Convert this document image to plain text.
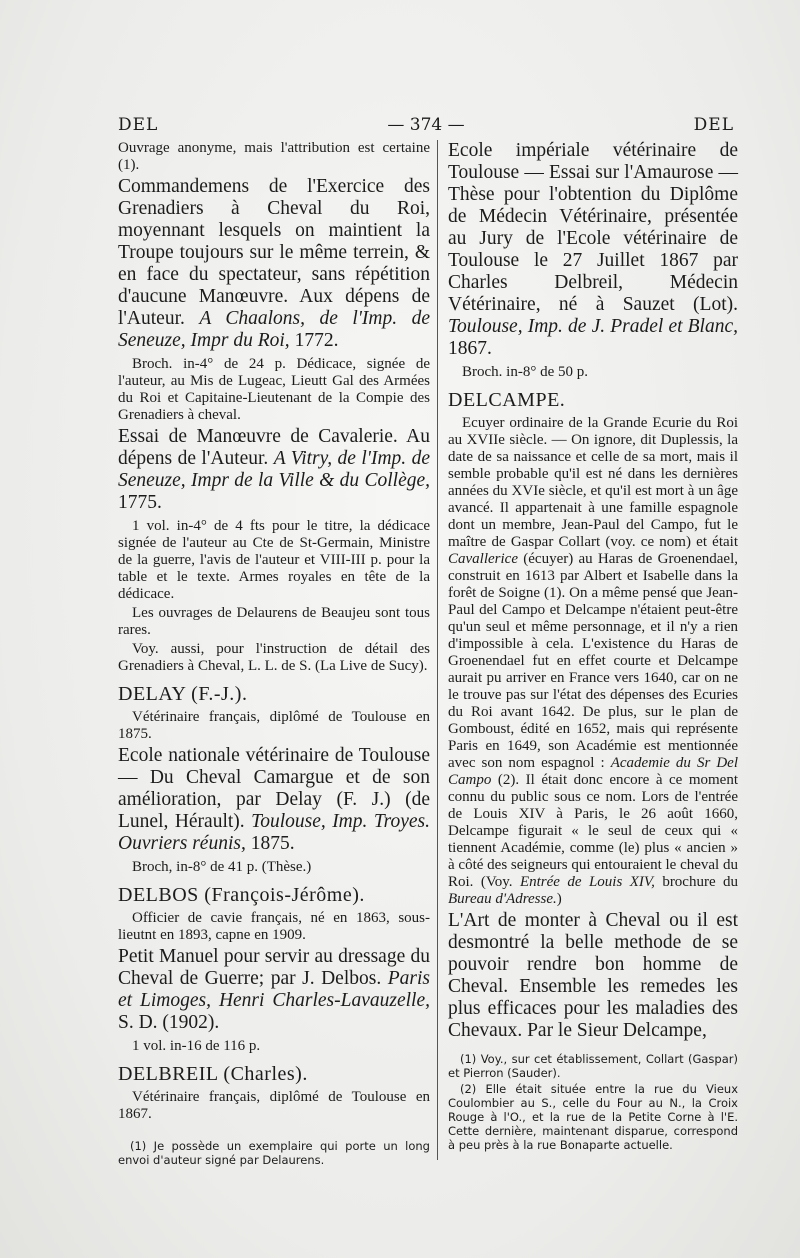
DEL	— 374 —	DEL

Ouvrage anonyme, mais l'attribution est certaine (1).

Commandemens de l'Exercice des Grenadiers à Cheval du Roi, moyennant lesquels on maintient la Troupe toujours sur le même terrein, & en face du spectateur, sans répétition d'aucune Manœuvre. Aux dépens de l'Auteur. A Chaalons, de l'Imp. de Seneuze, Impr du Roi, 1772.

Broch. in-4° de 24 p. Dédicace, signée de l'auteur, au Mis de Lugeac, Lieutt Gal des Armées du Roi et Capitaine-Lieutenant de la Compie des Grenadiers à cheval.

Essai de Manœuvre de Cavalerie. Au dépens de l'Auteur. A Vitry, de l'Imp. de Seneuze, Impr de la Ville & du Collège, 1775.

1 vol. in-4° de 4 fts pour le titre, la dédicace signée de l'auteur au Cte de St-Germain, Ministre de la guerre, l'avis de l'auteur et VIII-III p. pour la table et le texte. Armes royales en tête de la dédicace.

Les ouvrages de Delaurens de Beaujeu sont tous rares.

Voy. aussi, pour l'instruction de détail des Grenadiers à Cheval, L. L. de S. (La Live de Sucy).

DELAY (F.-J.).

Vétérinaire français, diplômé de Toulouse en 1875.

Ecole nationale vétérinaire de Toulouse — Du Cheval Camargue et de son amélioration, par Delay (F. J.) (de Lunel, Hérault). Toulouse, Imp. Troyes. Ouvriers réunis, 1875.

Broch, in-8° de 41 p. (Thèse.)

DELBOS (François-Jérôme).

Officier de cavie français, né en 1863, sous-lieutnt en 1893, capne en 1909.

Petit Manuel pour servir au dressage du Cheval de Guerre; par J. Delbos. Paris et Limoges, Henri Charles-Lavauzelle, S. D. (1902).

1 vol. in-16 de 116 p.

DELBREIL (Charles).

Vétérinaire français, diplômé de Toulouse en 1867.

(1) Je possède un exemplaire qui porte un long envoi d'auteur signé par Delaurens.

Ecole impériale vétérinaire de Toulouse — Essai sur l'Amaurose — Thèse pour l'obtention du Diplôme de Médecin Vétérinaire, présentée au Jury de l'Ecole vétérinaire de Toulouse le 27 Juillet 1867 par Charles Delbreil, Médecin Vétérinaire, né à Sauzet (Lot). Toulouse, Imp. de J. Pradel et Blanc, 1867.

Broch. in-8° de 50 p.

DELCAMPE.

Ecuyer ordinaire de la Grande Ecurie du Roi au XVIIe siècle. — On ignore, dit Duplessis, la date de sa naissance et celle de sa mort, mais il semble probable qu'il est né dans les dernières années du XVIe siècle, et qu'il est mort à un âge avancé. Il appartenait à une famille espagnole dont un membre, Jean-Paul del Campo, fut le maître de Gaspar Collart (voy. ce nom) et était Cavallerice (écuyer) au Haras de Groenendael, construit en 1613 par Albert et Isabelle dans la forêt de Soigne (1). On a même pensé que Jean-Paul del Campo et Delcampe n'étaient peut-être qu'un seul et même personnage, et il n'y a rien d'impossible à cela. L'existence du Haras de Groenendael fut en effet courte et Delcampe aurait pu arriver en France vers 1640, car on ne le trouve pas sur l'état des dépenses des Ecuries du Roi avant 1642. De plus, sur le plan de Gomboust, édité en 1652, mais qui représente Paris en 1649, son Académie est mentionnée avec son nom espagnol : Academie du Sr Del Campo (2). Il était donc encore à ce moment connu du public sous ce nom. Lors de l'entrée de Louis XIV à Paris, le 26 août 1660, Delcampe figurait « le seul de ceux qui « tiennent Académie, comme (le) plus « ancien » à côté des seigneurs qui entouraient le cheval du Roi. (Voy. Entrée de Louis XIV, brochure du Bureau d'Adresse.)

L'Art de monter à Cheval ou il est desmontré la belle methode de se pouvoir rendre bon homme de Cheval. Ensemble les remedes les plus efficaces pour les maladies des Chevaux. Par le Sieur Delcampe,

(1) Voy., sur cet établissement, Collart (Gaspar) et Pierron (Sauder).

(2) Elle était située entre la rue du Vieux Coulombier au S., celle du Four au N., la Croix Rouge à l'O., et la rue de la Petite Corne à l'E. Cette dernière, maintenant disparue, correspond à peu près à la rue Bonaparte actuelle.
